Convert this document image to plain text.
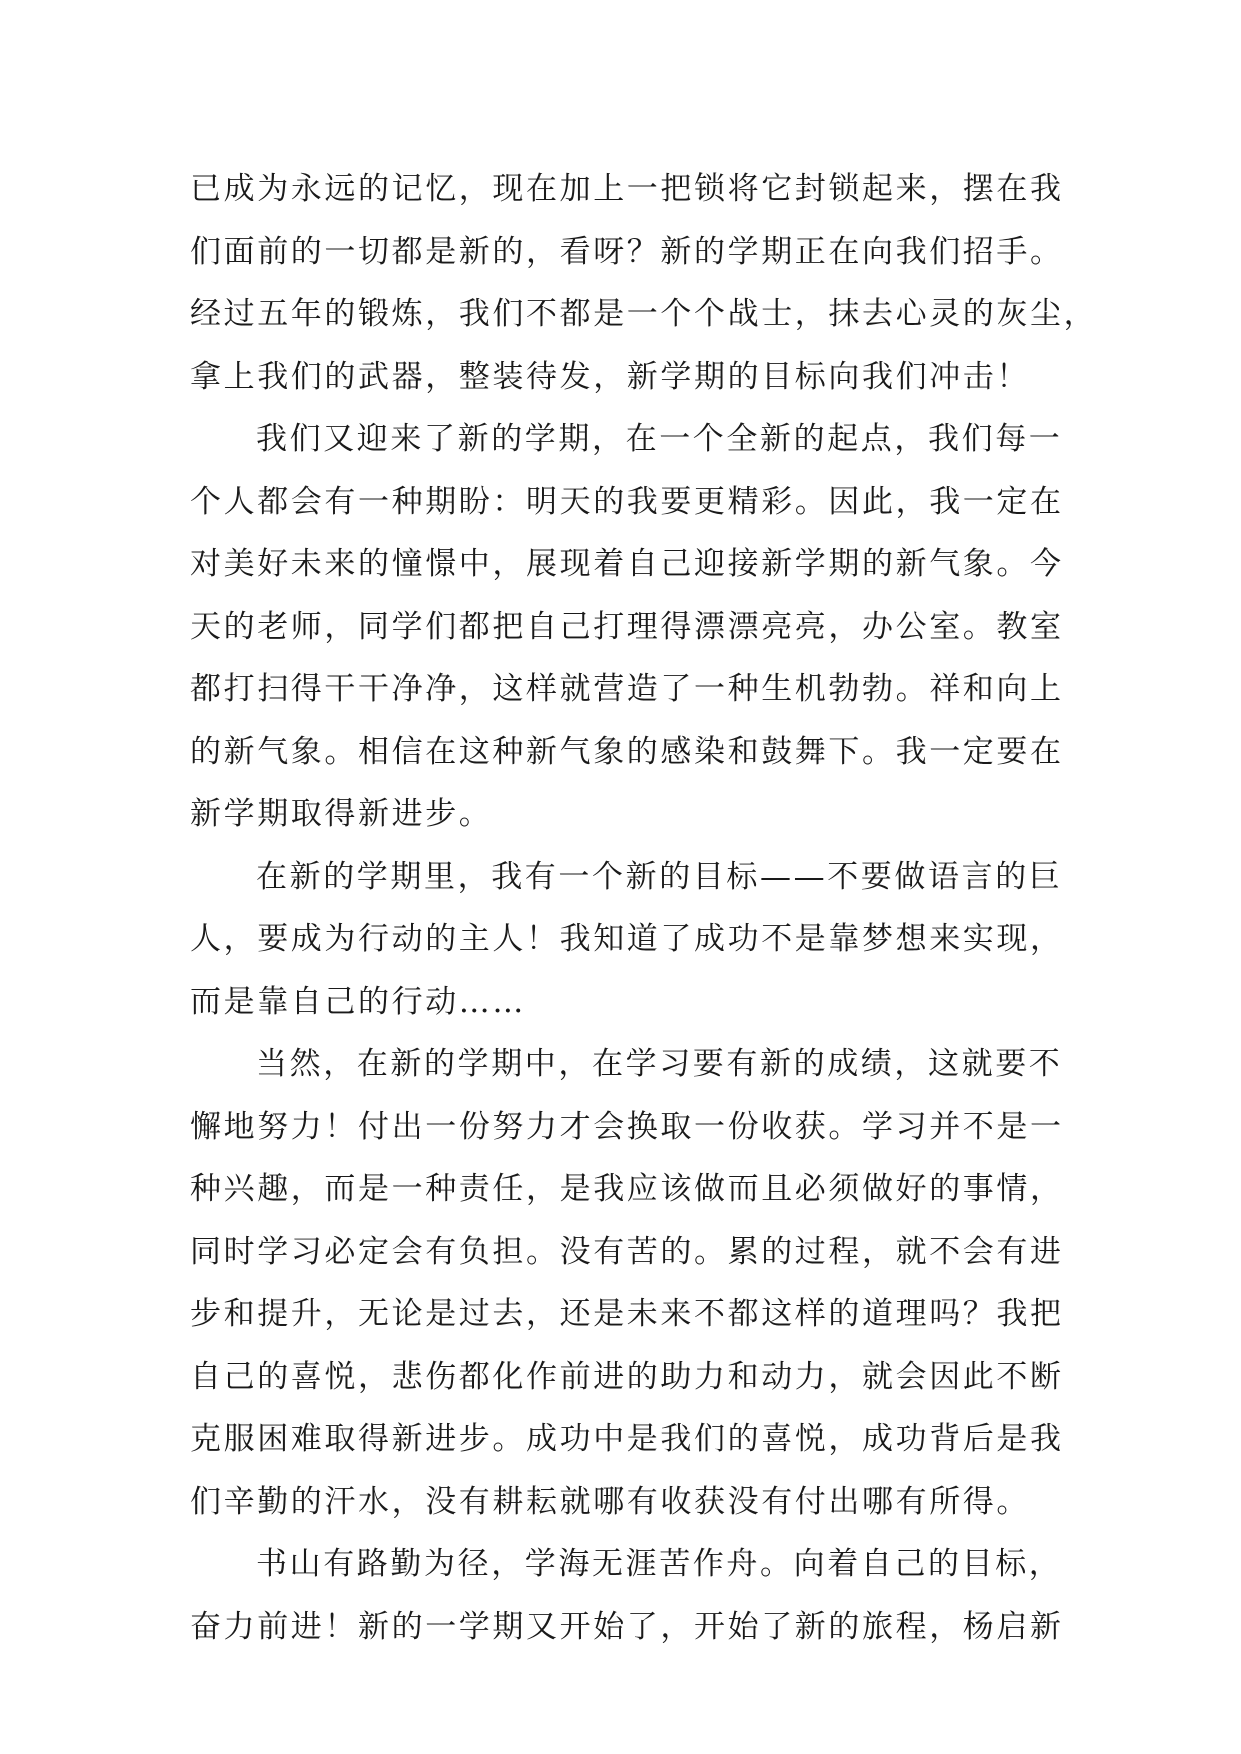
已成为永远的记忆，现在加上一把锁将它封锁起来，摆在我
们面前的一切都是新的，看呀？新的学期正在向我们招手。
经过五年的锻炼，我们不都是一个个战士，抹去心灵的灰尘，
拿上我们的武器，整装待发，新学期的目标向我们冲击！
我们又迎来了新的学期，在一个全新的起点，我们每一
个人都会有一种期盼：明天的我要更精彩。因此，我一定在
对美好未来的憧憬中，展现着自己迎接新学期的新气象。今
天的老师，同学们都把自己打理得漂漂亮亮，办公室。教室
都打扫得干干净净，这样就营造了一种生机勃勃。祥和向上
的新气象。相信在这种新气象的感染和鼓舞下。我一定要在
新学期取得新进步。
在新的学期里，我有一个新的目标——不要做语言的巨
人，要成为行动的主人！我知道了成功不是靠梦想来实现，
而是靠自己的行动……
当然，在新的学期中，在学习要有新的成绩，这就要不
懈地努力！付出一份努力才会换取一份收获。学习并不是一
种兴趣，而是一种责任，是我应该做而且必须做好的事情，
同时学习必定会有负担。没有苦的。累的过程，就不会有进
步和提升，无论是过去，还是未来不都这样的道理吗？我把
自己的喜悦，悲伤都化作前进的助力和动力，就会因此不断
克服困难取得新进步。成功中是我们的喜悦，成功背后是我
们辛勤的汗水，没有耕耘就哪有收获没有付出哪有所得。
书山有路勤为径，学海无涯苦作舟。向着自己的目标，
奋力前进！新的一学期又开始了，开始了新的旅程，杨启新
